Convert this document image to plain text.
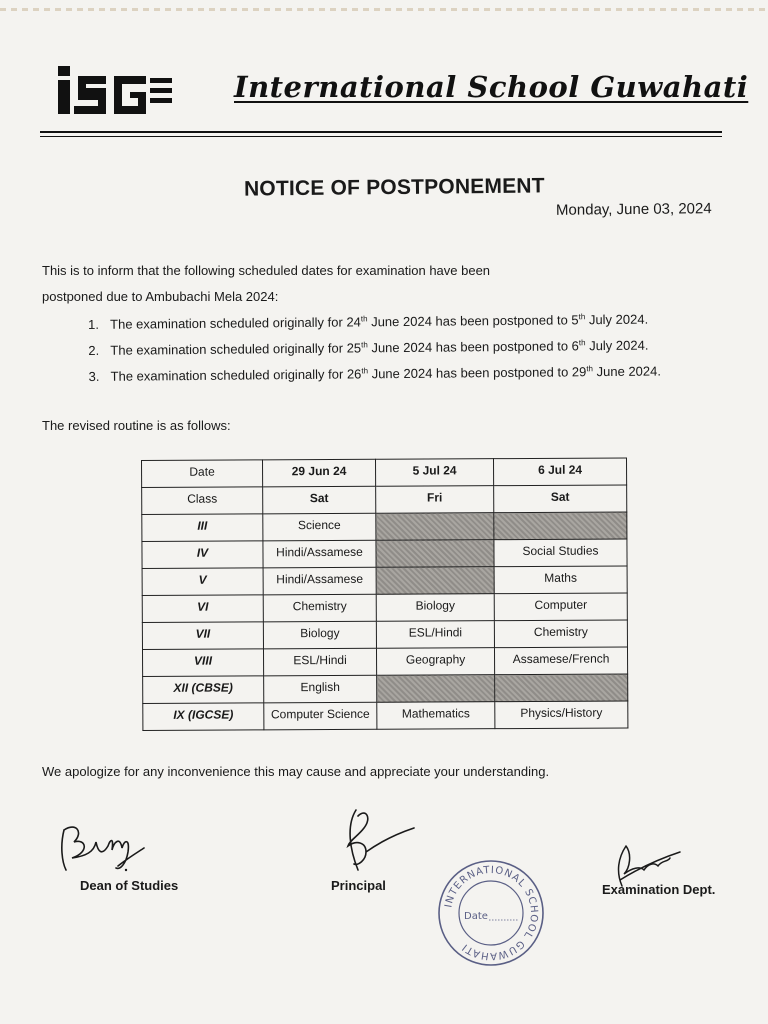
International School Guwahati
NOTICE OF POSTPONEMENT
Monday, June 03, 2024
This is to inform that the following scheduled dates for examination have been
postponed due to Ambubachi Mela 2024:
1. The examination scheduled originally for 24th June 2024 has been postponed to 5th July 2024.
2. The examination scheduled originally for 25th June 2024 has been postponed to 6th July 2024.
3. The examination scheduled originally for 26th June 2024 has been postponed to 29th June 2024.
The revised routine is as follows:
Date	29 Jun 24	5 Jul 24	6 Jul 24
Class	Sat	Fri	Sat
III	Science		
IV	Hindi/Assamese		Social Studies
V	Hindi/Assamese		Maths
VI	Chemistry	Biology	Computer
VII	Biology	ESL/Hindi	Chemistry
VIII	ESL/Hindi	Geography	Assamese/French
XII (CBSE)	English		
IX (IGCSE)	Computer Science	Mathematics	Physics/History
We apologize for any inconvenience this may cause and appreciate your understanding.
Dean of Studies	Principal
INTERNATIONAL SCHOOL GUWAHATI
Date
Examination Dept.
